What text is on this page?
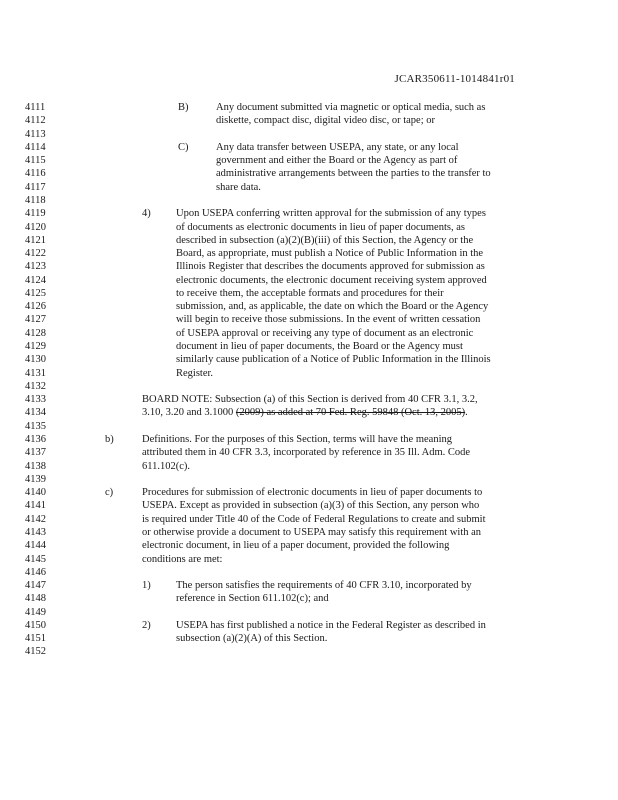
JCAR350611-1014841r01
4111	B)	Any document submitted via magnetic or optical media, such as
4112	diskette, compact disc, digital video disc, or tape; or
4113
4114	C)	Any data transfer between USEPA, any state, or any local
4115	government and either the Board or the Agency as part of
4116	administrative arrangements between the parties to the transfer to
4117	share data.
4118
4119	4) Upon USEPA conferring written approval for the submission of any types
4120	of documents as electronic documents in lieu of paper documents, as
4121	described in subsection (a)(2)(B)(iii) of this Section, the Agency or the
4122	Board, as appropriate, must publish a Notice of Public Information in the
4123	Illinois Register that describes the documents approved for submission as
4124	electronic documents, the electronic document receiving system approved
4125	to receive them, the acceptable formats and procedures for their
4126	submission, and, as applicable, the date on which the Board or the Agency
4127	will begin to receive those submissions. In the event of written cessation
4128	of USEPA approval or receiving any type of document as an electronic
4129	document in lieu of paper documents, the Board or the Agency must
4130	similarly cause publication of a Notice of Public Information in the Illinois
4131	Register.
4132
4133	BOARD NOTE: Subsection (a) of this Section is derived from 40 CFR 3.1, 3.2,
4134	3.10, 3.20 and 3.1000 (2009) as added at 70 Fed. Reg. 59848 (Oct. 13, 2005).
4135
4136	b)	Definitions. For the purposes of this Section, terms will have the meaning
4137	attributed them in 40 CFR 3.3, incorporated by reference in 35 Ill. Adm. Code
4138	611.102(c).
4139
4140	c)	Procedures for submission of electronic documents in lieu of paper documents to
4141	USEPA. Except as provided in subsection (a)(3) of this Section, any person who
4142	is required under Title 40 of the Code of Federal Regulations to create and submit
4143	or otherwise provide a document to USEPA may satisfy this requirement with an
4144	electronic document, in lieu of a paper document, provided the following
4145	conditions are met:
4146
4147	1) The person satisfies the requirements of 40 CFR 3.10, incorporated by
4148	reference in Section 611.102(c); and
4149
4150	2) USEPA has first published a notice in the Federal Register as described in
4151	subsection (a)(2)(A) of this Section.
4152
